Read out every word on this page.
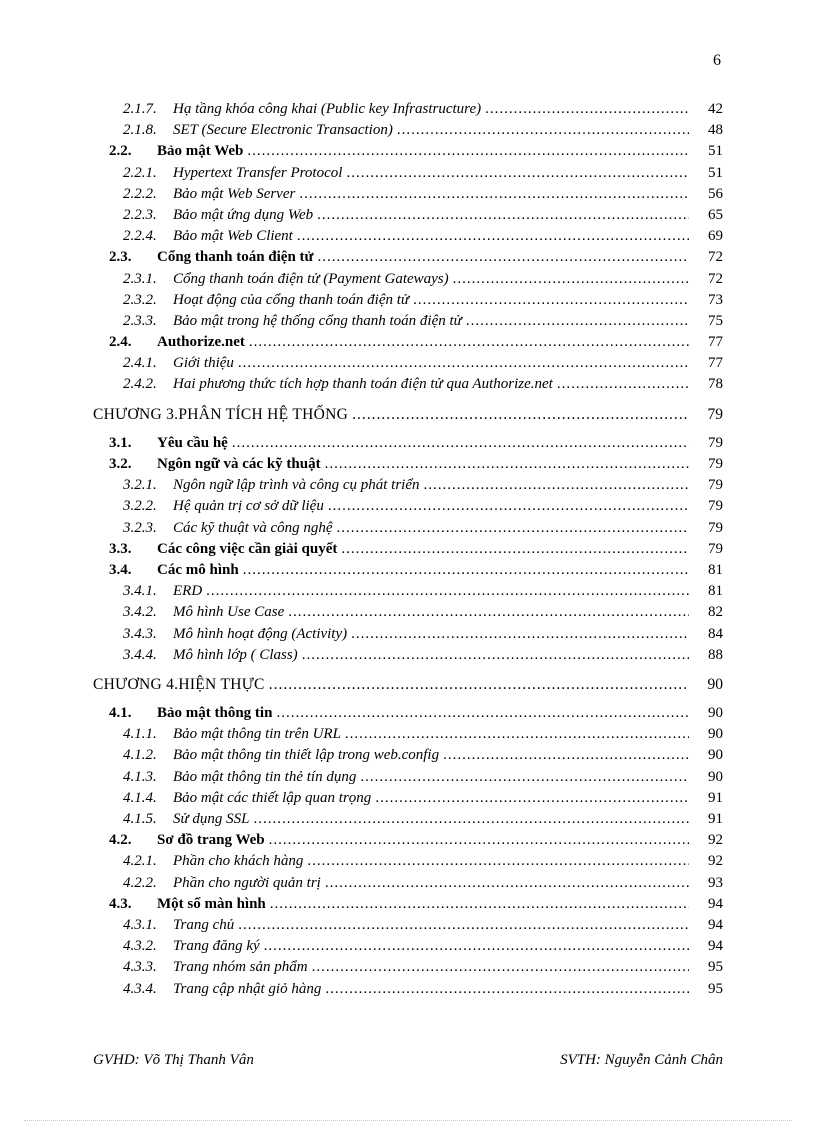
6
2.1.7.	Hạ tầng khóa công khai (Public key Infrastructure) .....	42
2.1.8.	SET (Secure Electronic Transaction) .....	48
2.2.	Bảo mật Web .....	51
2.2.1.	Hypertext Transfer Protocol .....	51
2.2.2.	Bảo mật Web Server .....	56
2.2.3.	Bảo mật ứng dụng Web .....	65
2.2.4.	Bảo mật Web Client .....	69
2.3.	Cổng thanh toán điện tử .....	72
2.3.1.	Cổng thanh toán điện tử (Payment Gateways) .....	72
2.3.2.	Hoạt động của cổng thanh toán điện tử .....	73
2.3.3.	Bảo mật trong hệ thống cổng thanh toán điện tử .....	75
2.4.	Authorize.net .....	77
2.4.1.	Giới thiệu .....	77
2.4.2.	Hai phương thức tích hợp thanh toán điện tử qua Authorize.net .....	78
CHƯƠNG 3.PHÂN TÍCH HỆ THỐNG .....	79
3.1.	Yêu cầu hệ .....	79
3.2.	Ngôn ngữ và các kỹ thuật .....	79
3.2.1.	Ngôn ngữ lập trình và công cụ phát triển .....	79
3.2.2.	Hệ quản trị cơ sở dữ liệu .....	79
3.2.3.	Các kỹ thuật và công nghệ .....	79
3.3.	Các công việc cần giải quyết .....	79
3.4.	Các mô hình .....	81
3.4.1.	ERD .....	81
3.4.2.	Mô hình Use Case .....	82
3.4.3.	Mô hình hoạt động (Activity) .....	84
3.4.4.	Mô hình lớp ( Class) .....	88
CHƯƠNG 4.HIỆN THỰC .....	90
4.1.	Bảo mật thông tin .....	90
4.1.1.	Bảo mật thông tin trên URL .....	90
4.1.2.	Bảo mật thông tin thiết lập trong web.config .....	90
4.1.3.	Bảo mật thông tin thẻ tín dụng .....	90
4.1.4.	Bảo mật các thiết lập quan trọng .....	91
4.1.5.	Sử dụng SSL .....	91
4.2.	Sơ đồ trang Web .....	92
4.2.1.	Phần cho khách hàng .....	92
4.2.2.	Phần cho người quản trị .....	93
4.3.	Một số màn hình .....	94
4.3.1.	Trang chủ .....	94
4.3.2.	Trang đăng ký .....	94
4.3.3.	Trang nhóm sản phẩm .....	95
4.3.4.	Trang cập nhật giỏ hàng .....	95
GVHD: Võ Thị Thanh Vân	SVTH: Nguyễn Cảnh Chân
